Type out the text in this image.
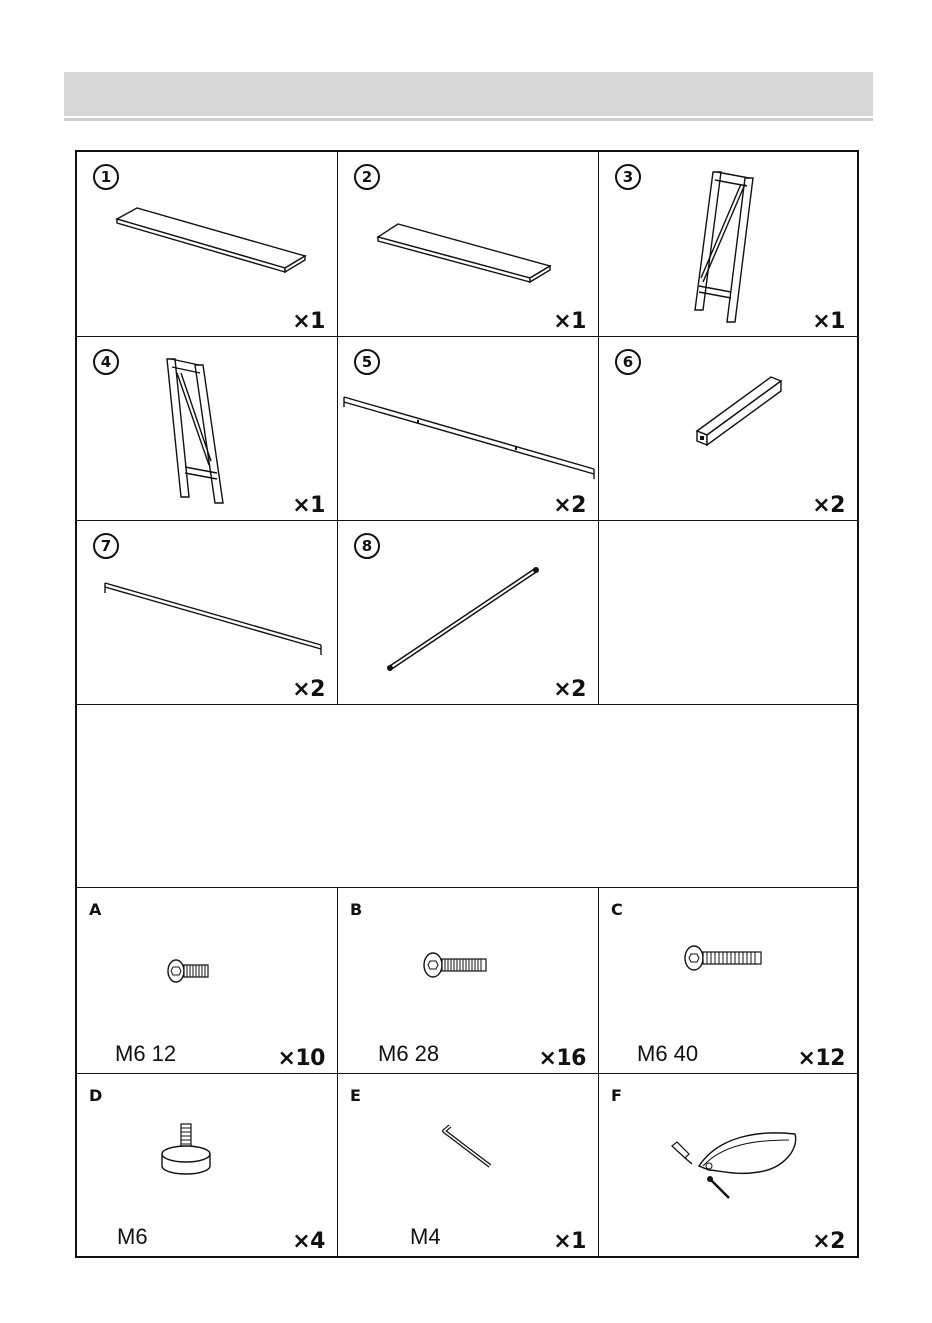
1
×1
2
×1
3
×1
4
×1
5
×2
6
×2
7
×2
8
×2
A
M6 12	×10
B
M6 28	×16
C
M6 40	×12
D
M6	×4
E
M4	×1
F
×2
